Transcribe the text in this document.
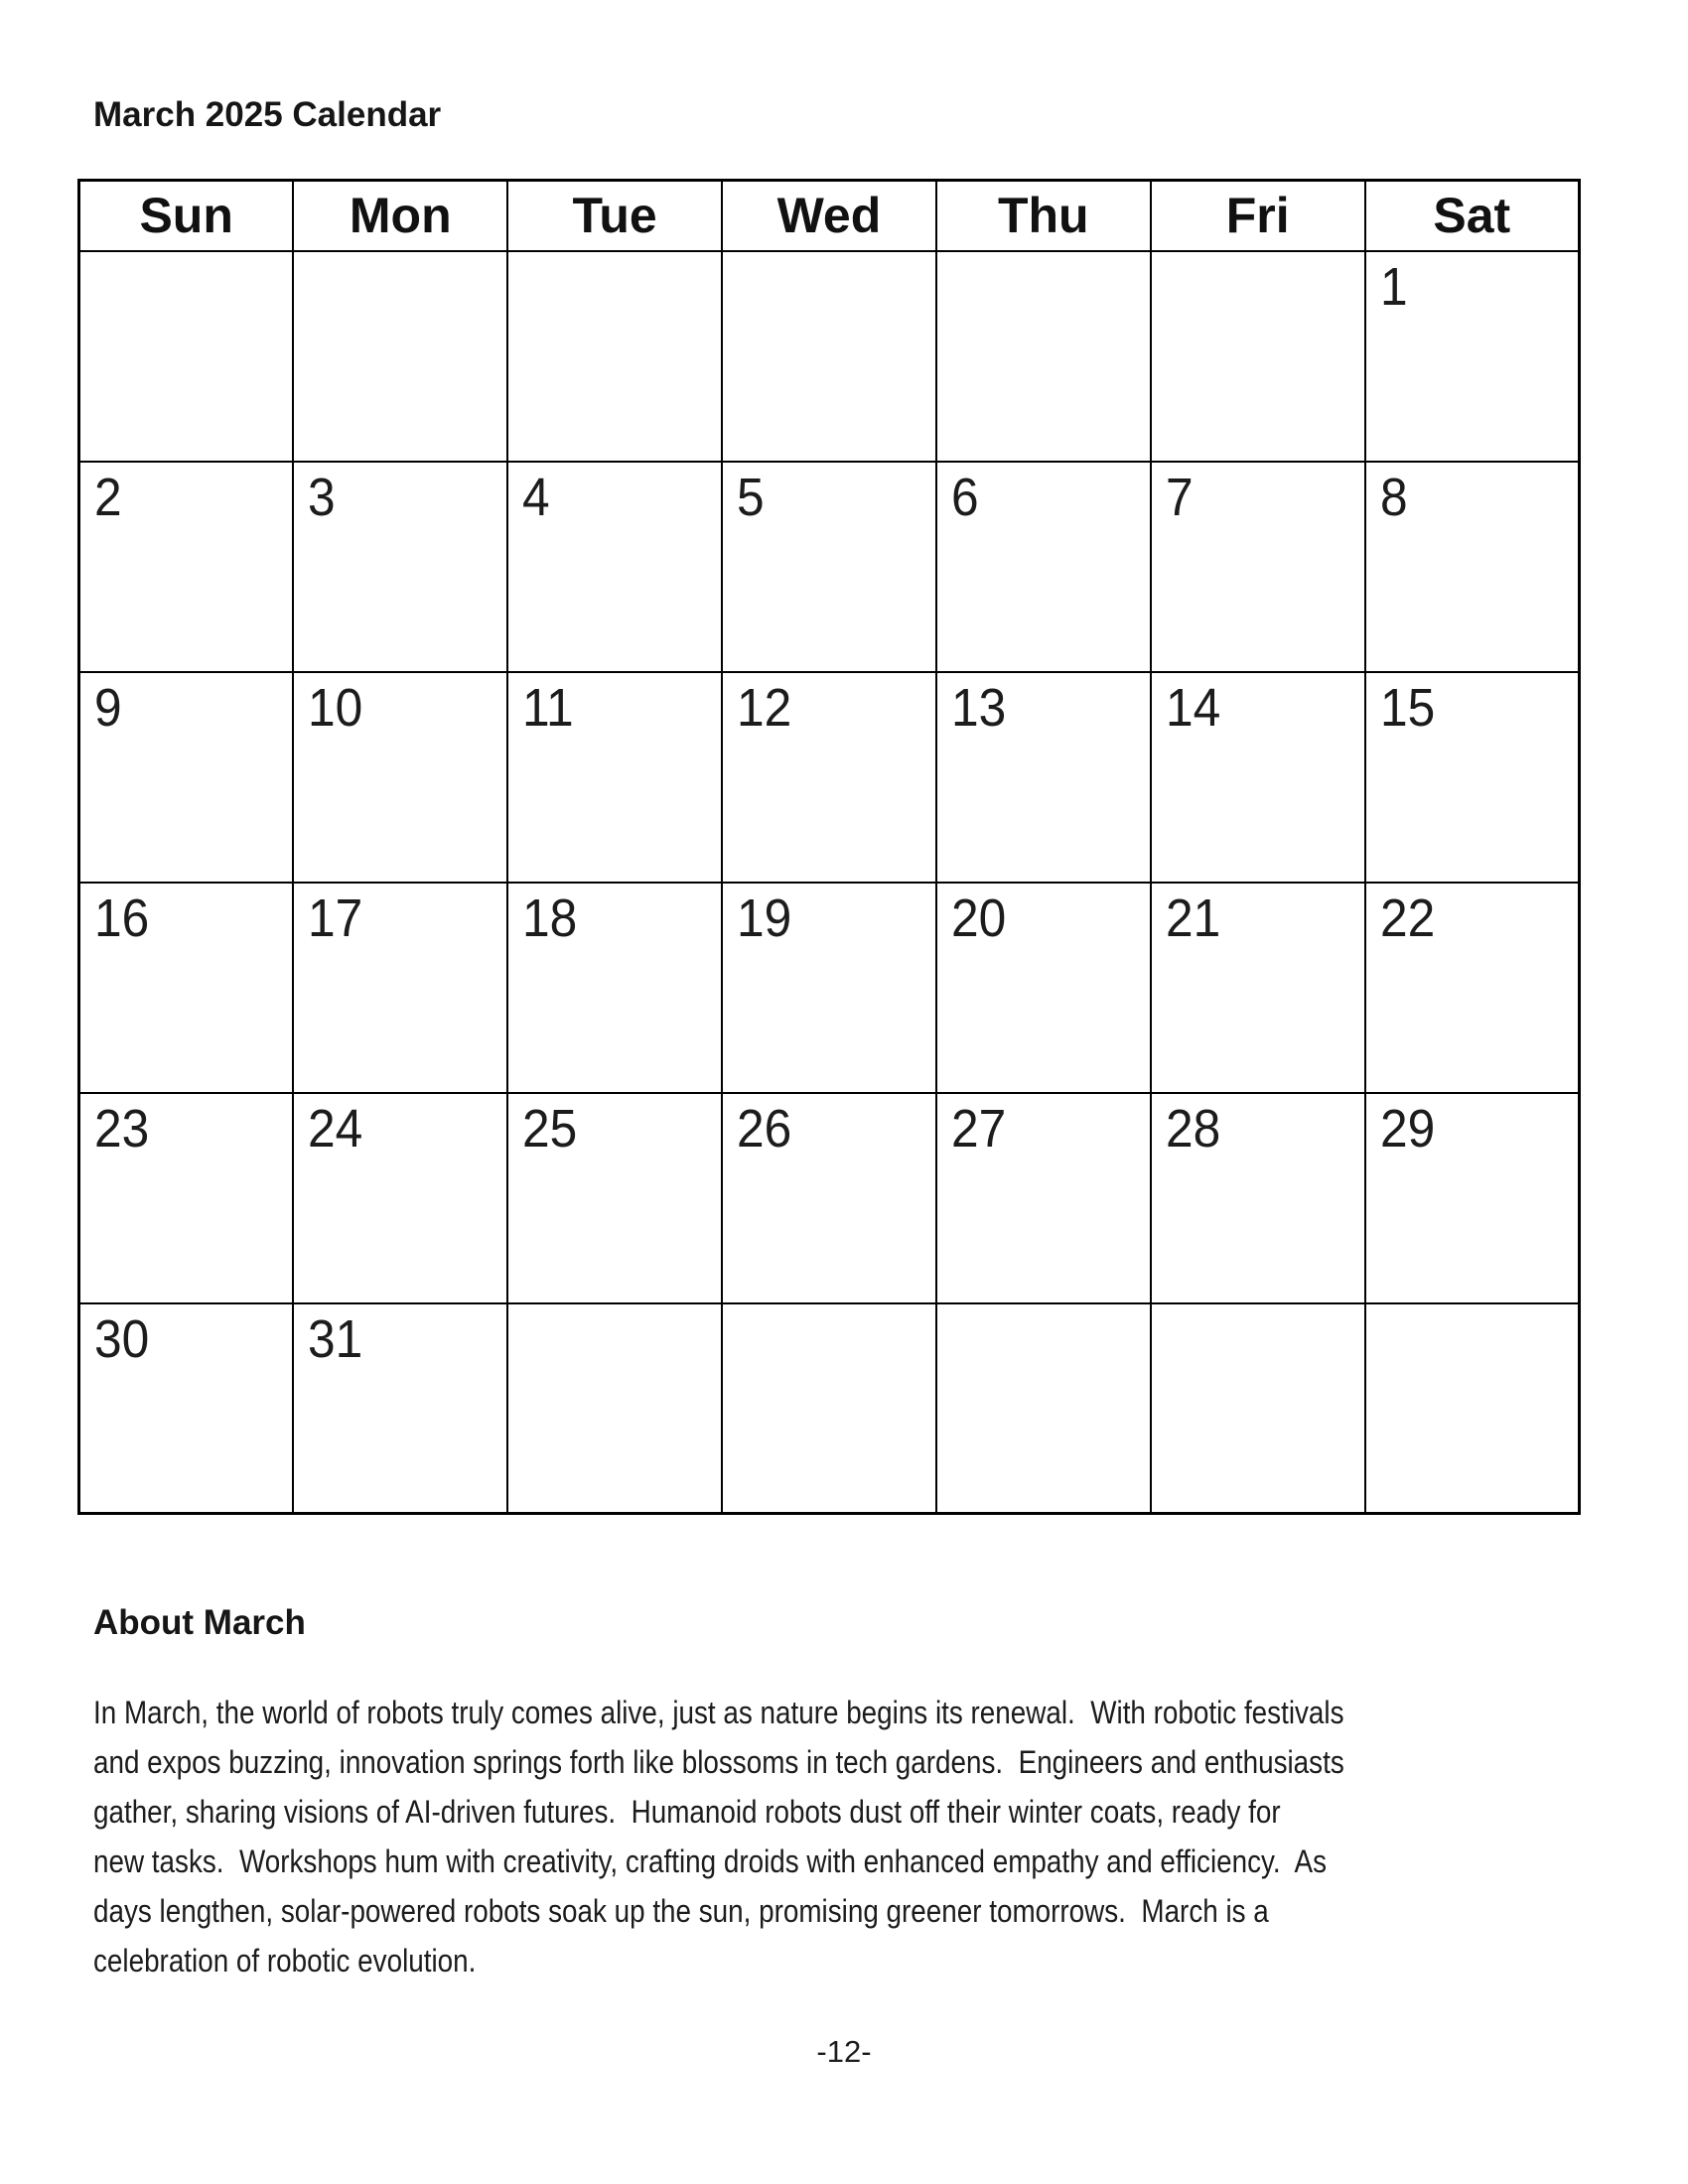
March 2025 Calendar
Sun	Mon	Tue	Wed	Thu	Fri	Sat
						1
2	3	4	5	6	7	8
9	10	11	12	13	14	15
16	17	18	19	20	21	22
23	24	25	26	27	28	29
30	31					
About March
In March, the world of robots truly comes alive, just as nature begins its renewal.  With robotic festivals
and expos buzzing, innovation springs forth like blossoms in tech gardens.  Engineers and enthusiasts
gather, sharing visions of AI-driven futures.  Humanoid robots dust off their winter coats, ready for
new tasks.  Workshops hum with creativity, crafting droids with enhanced empathy and efficiency.  As
days lengthen, solar-powered robots soak up the sun, promising greener tomorrows.  March is a
celebration of robotic evolution.
-12-
